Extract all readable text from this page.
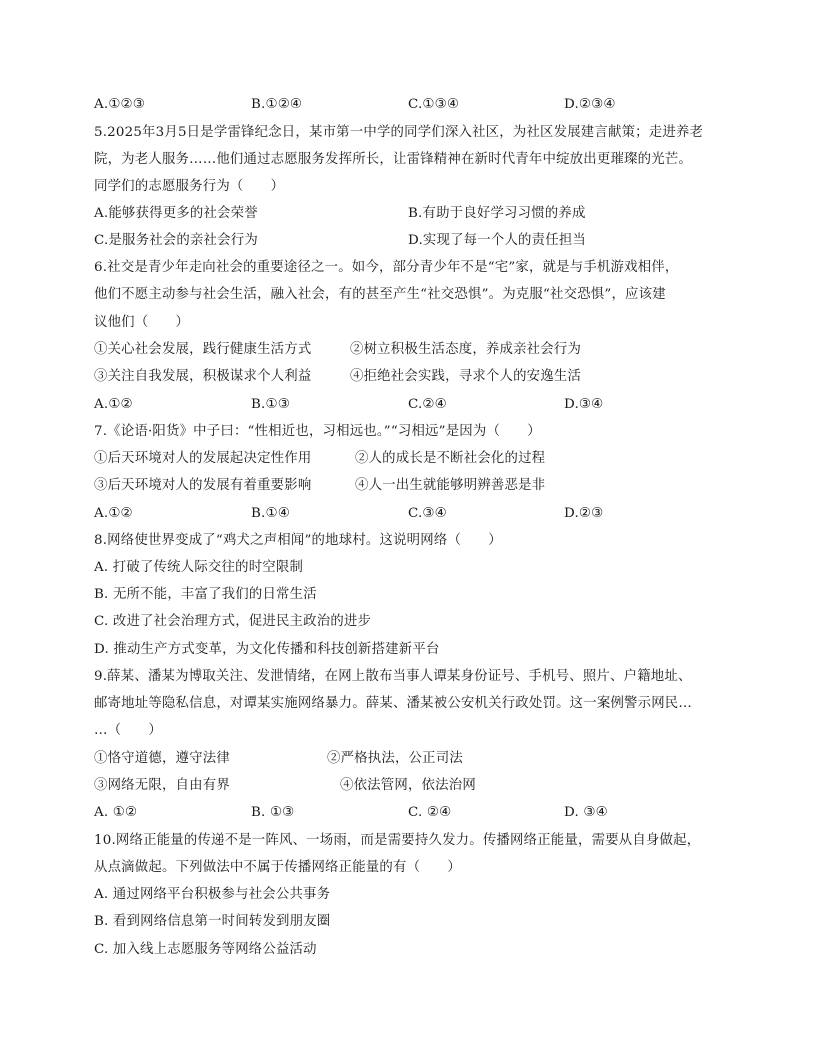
A.①②③	B.①②④	C.①③④	D.②③④
5.2025年3月5日是学雷锋纪念日，某市第一中学的同学们深入社区，为社区发展建言献策；走进养老
院，为老人服务……他们通过志愿服务发挥所长，让雷锋精神在新时代青年中绽放出更璀璨的光芒。
同学们的志愿服务行为（　　）
A.能够获得更多的社会荣誉	B.有助于良好学习习惯的养成
C.是服务社会的亲社会行为	D.实现了每一个人的责任担当
6.社交是青少年走向社会的重要途径之一。如今，部分青少年不是“宅”家，就是与手机游戏相伴，
他们不愿主动参与社会生活，融入社会，有的甚至产生“社交恐惧”。为克服“社交恐惧”，应该建
议他们（　　）
①关心社会发展，践行健康生活方式	②树立积极生活态度，养成亲社会行为
③关注自我发展，积极谋求个人利益	④拒绝社会实践，寻求个人的安逸生活
A.①②	B.①③	C.②④	D.③④
7.《论语·阳货》中子曰：“性相近也，习相远也。”“习相远”是因为（　　）
①后天环境对人的发展起决定性作用	②人的成长是不断社会化的过程
③后天环境对人的发展有着重要影响	④人一出生就能够明辨善恶是非
A.①②	B.①④	C.③④	D.②③
8.网络使世界变成了“鸡犬之声相闻”的地球村。这说明网络（　　）
A. 打破了传统人际交往的时空限制
B. 无所不能，丰富了我们的日常生活
C. 改进了社会治理方式，促进民主政治的进步
D. 推动生产方式变革，为文化传播和科技创新搭建新平台
9.薛某、潘某为博取关注、发泄情绪，在网上散布当事人谭某身份证号、手机号、照片、户籍地址、
邮寄地址等隐私信息，对谭某实施网络暴力。薛某、潘某被公安机关行政处罚。这一案例警示网民…
…（　　）
①恪守道德，遵守法律	②严格执法，公正司法
③网络无限，自由有界	④依法管网，依法治网
A. ①②	B. ①③	C. ②④	D. ③④
10.网络正能量的传递不是一阵风、一场雨，而是需要持久发力。传播网络正能量，需要从自身做起，
从点滴做起。下列做法中不属于传播网络正能量的有（　　）
A. 通过网络平台积极参与社会公共事务
B. 看到网络信息第一时间转发到朋友圈
C. 加入线上志愿服务等网络公益活动
